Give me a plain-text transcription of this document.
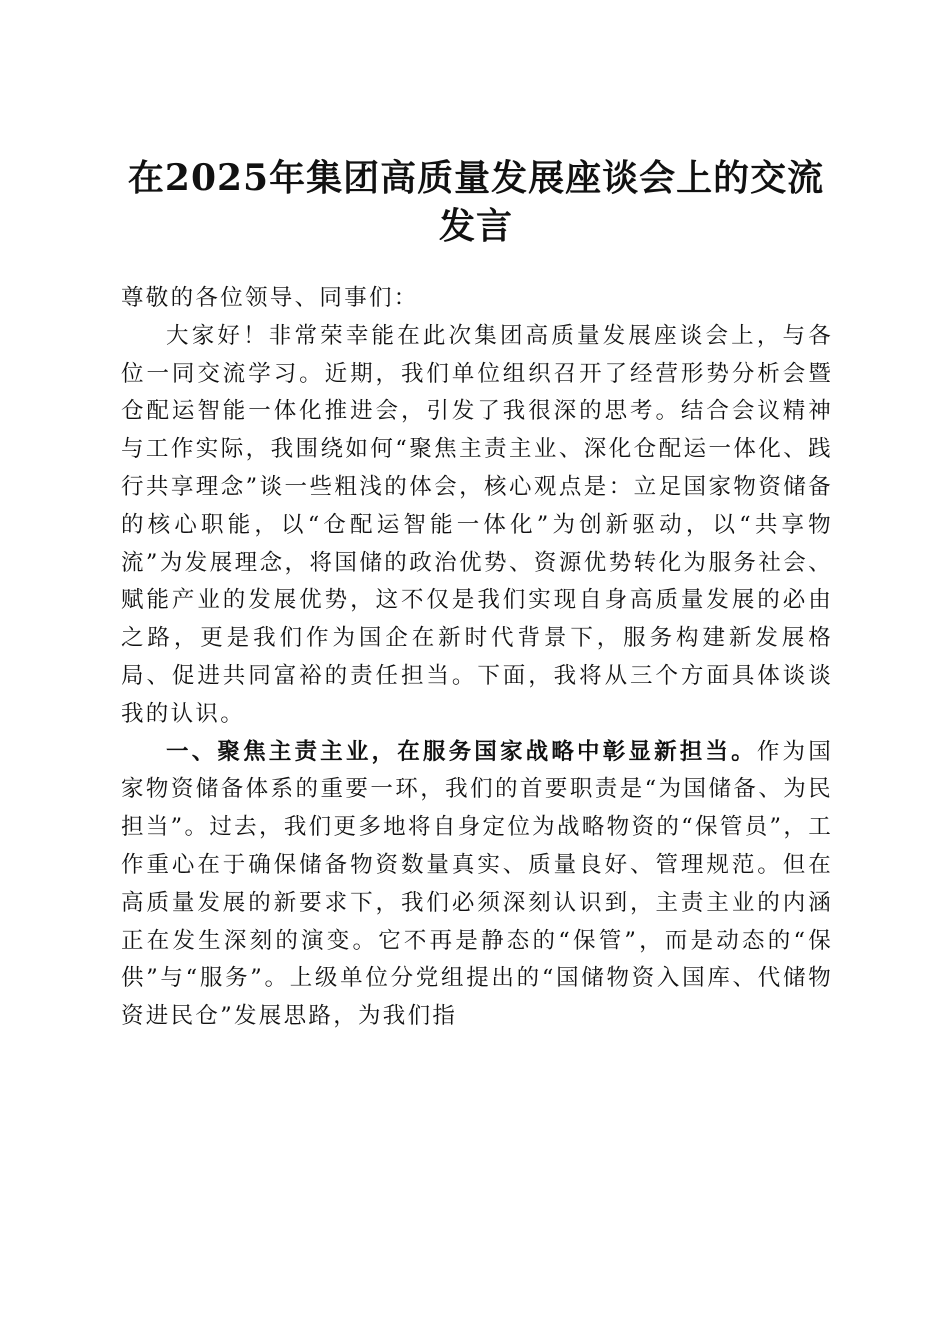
在2025年集团高质量发展座谈会上的交流发言

尊敬的各位领导、同事们：

大家好！非常荣幸能在此次集团高质量发展座谈会上，与各位一同交流学习。近期，我们单位组织召开了经营形势分析会暨仓配运智能一体化推进会，引发了我很深的思考。结合会议精神与工作实际，我围绕如何“聚焦主责主业、深化仓配运一体化、践行共享理念”谈一些粗浅的体会，核心观点是：立足国家物资储备的核心职能，以“仓配运智能一体化”为创新驱动，以“共享物流”为发展理念，将国储的政治优势、资源优势转化为服务社会、赋能产业的发展优势，这不仅是我们实现自身高质量发展的必由之路，更是我们作为国企在新时代背景下，服务构建新发展格局、促进共同富裕的责任担当。下面，我将从三个方面具体谈谈我的认识。

一、聚焦主责主业，在服务国家战略中彰显新担当。作为国家物资储备体系的重要一环，我们的首要职责是“为国储备、为民担当”。过去，我们更多地将自身定位为战略物资的“保管员”，工作重心在于确保储备物资数量真实、质量良好、管理规范。但在高质量发展的新要求下，我们必须深刻认识到，主责主业的内涵正在发生深刻的演变。它不再是静态的“保管”，而是动态的“保供”与“服务”。上级单位分党组提出的“国储物资入国库、代储物资进民仓”发展思路，为我们指
